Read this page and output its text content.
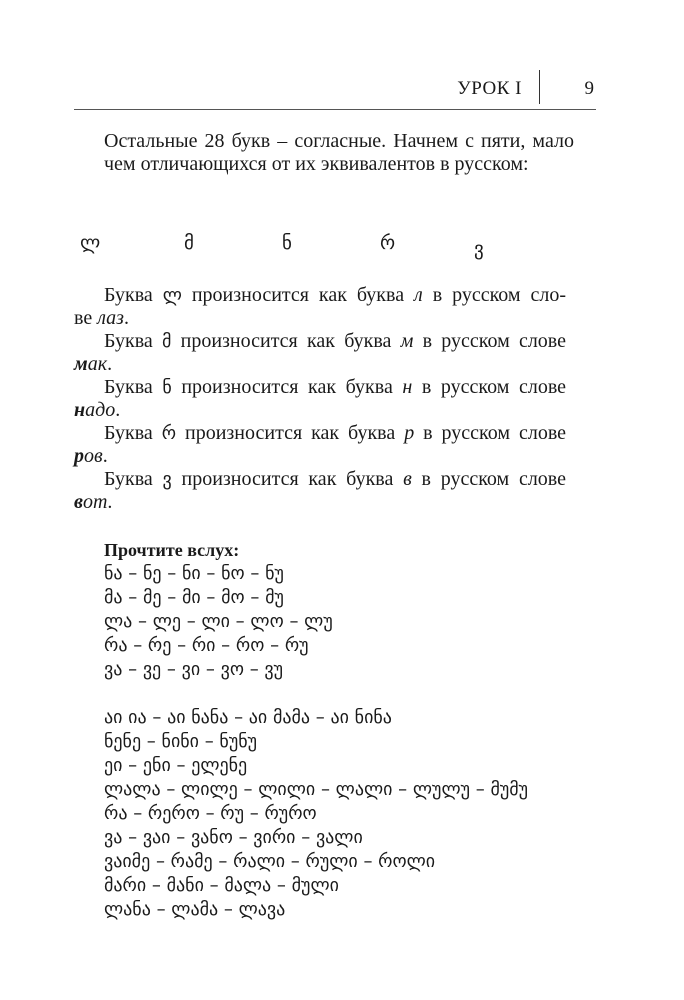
УРОК I	9

Остальные 28 букв – согласные. Начнем с пяти, мало чем отличающихся от их эквивалентов в русском:

ლ	მ	ნ	რ	ვ
Буква ლ произносится как буква л в русском сло-
ве лаз.
Буква მ произносится как буква м в русском слове
мак.
Буква ნ произносится как буква н в русском слове
надо.
Буква რ произносится как буква р в русском слове
ров.
Буква ვ произносится как буква в в русском слове
вот.
Прочтите вслух:
ნა – ნე – ნი – ნო – ნუ
მა – მე – მი – მო – მუ
ლა – ლე – ლი – ლო – ლუ
რა – რე – რი – რო – რუ
ვა – ვე – ვი – ვო – ვუ
აი ია – აი ნანა – აი მამა – აი ნინა
ნენე – ნინი – ნუნუ
ეი – ენი – ელენე
ლალა – ლილე – ლილი – ლალი – ლულუ – მუმუ
რა – რერო – რუ – რურო
ვა – ვაი – ვანო – ვირი – ვალი
ვაიმე – რამე – რალი – რული – როლი
მარი – მანი – მალა – მული
ლანა – ლამა – ლავა
